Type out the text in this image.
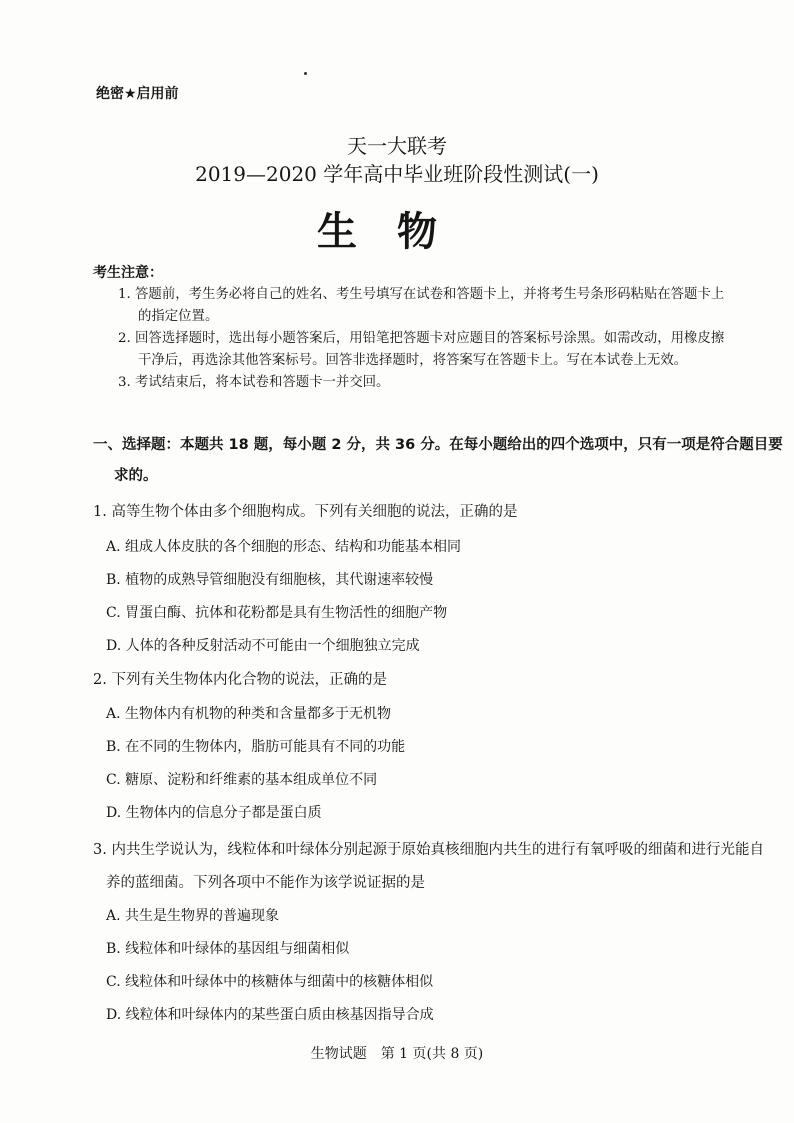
绝密★启用前
天一大联考
2019—2020 学年高中毕业班阶段性测试(一)
生物
考生注意：
1. 答题前，考生务必将自己的姓名、考生号填写在试卷和答题卡上，并将考生号条形码粘贴在答题卡上
的指定位置。
2. 回答选择题时，选出每小题答案后，用铅笔把答题卡对应题目的答案标号涂黑。如需改动，用橡皮擦
干净后，再选涂其他答案标号。回答非选择题时，将答案写在答题卡上。写在本试卷上无效。
3. 考试结束后，将本试卷和答题卡一并交回。
一、选择题：本题共 18 题，每小题 2 分，共 36 分。在每小题给出的四个选项中，只有一项是符合题目要
求的。
1. 高等生物个体由多个细胞构成。下列有关细胞的说法，正确的是
A. 组成人体皮肤的各个细胞的形态、结构和功能基本相同
B. 植物的成熟导管细胞没有细胞核，其代谢速率较慢
C. 胃蛋白酶、抗体和花粉都是具有生物活性的细胞产物
D. 人体的各种反射活动不可能由一个细胞独立完成
2. 下列有关生物体内化合物的说法，正确的是
A. 生物体内有机物的种类和含量都多于无机物
B. 在不同的生物体内，脂肪可能具有不同的功能
C. 糖原、淀粉和纤维素的基本组成单位不同
D. 生物体内的信息分子都是蛋白质
3. 内共生学说认为，线粒体和叶绿体分别起源于原始真核细胞内共生的进行有氧呼吸的细菌和进行光能自
养的蓝细菌。下列各项中不能作为该学说证据的是
A. 共生是生物界的普遍现象
B. 线粒体和叶绿体的基因组与细菌相似
C. 线粒体和叶绿体中的核糖体与细菌中的核糖体相似
D. 线粒体和叶绿体内的某些蛋白质由核基因指导合成
生物试题　第 1 页(共 8 页)
